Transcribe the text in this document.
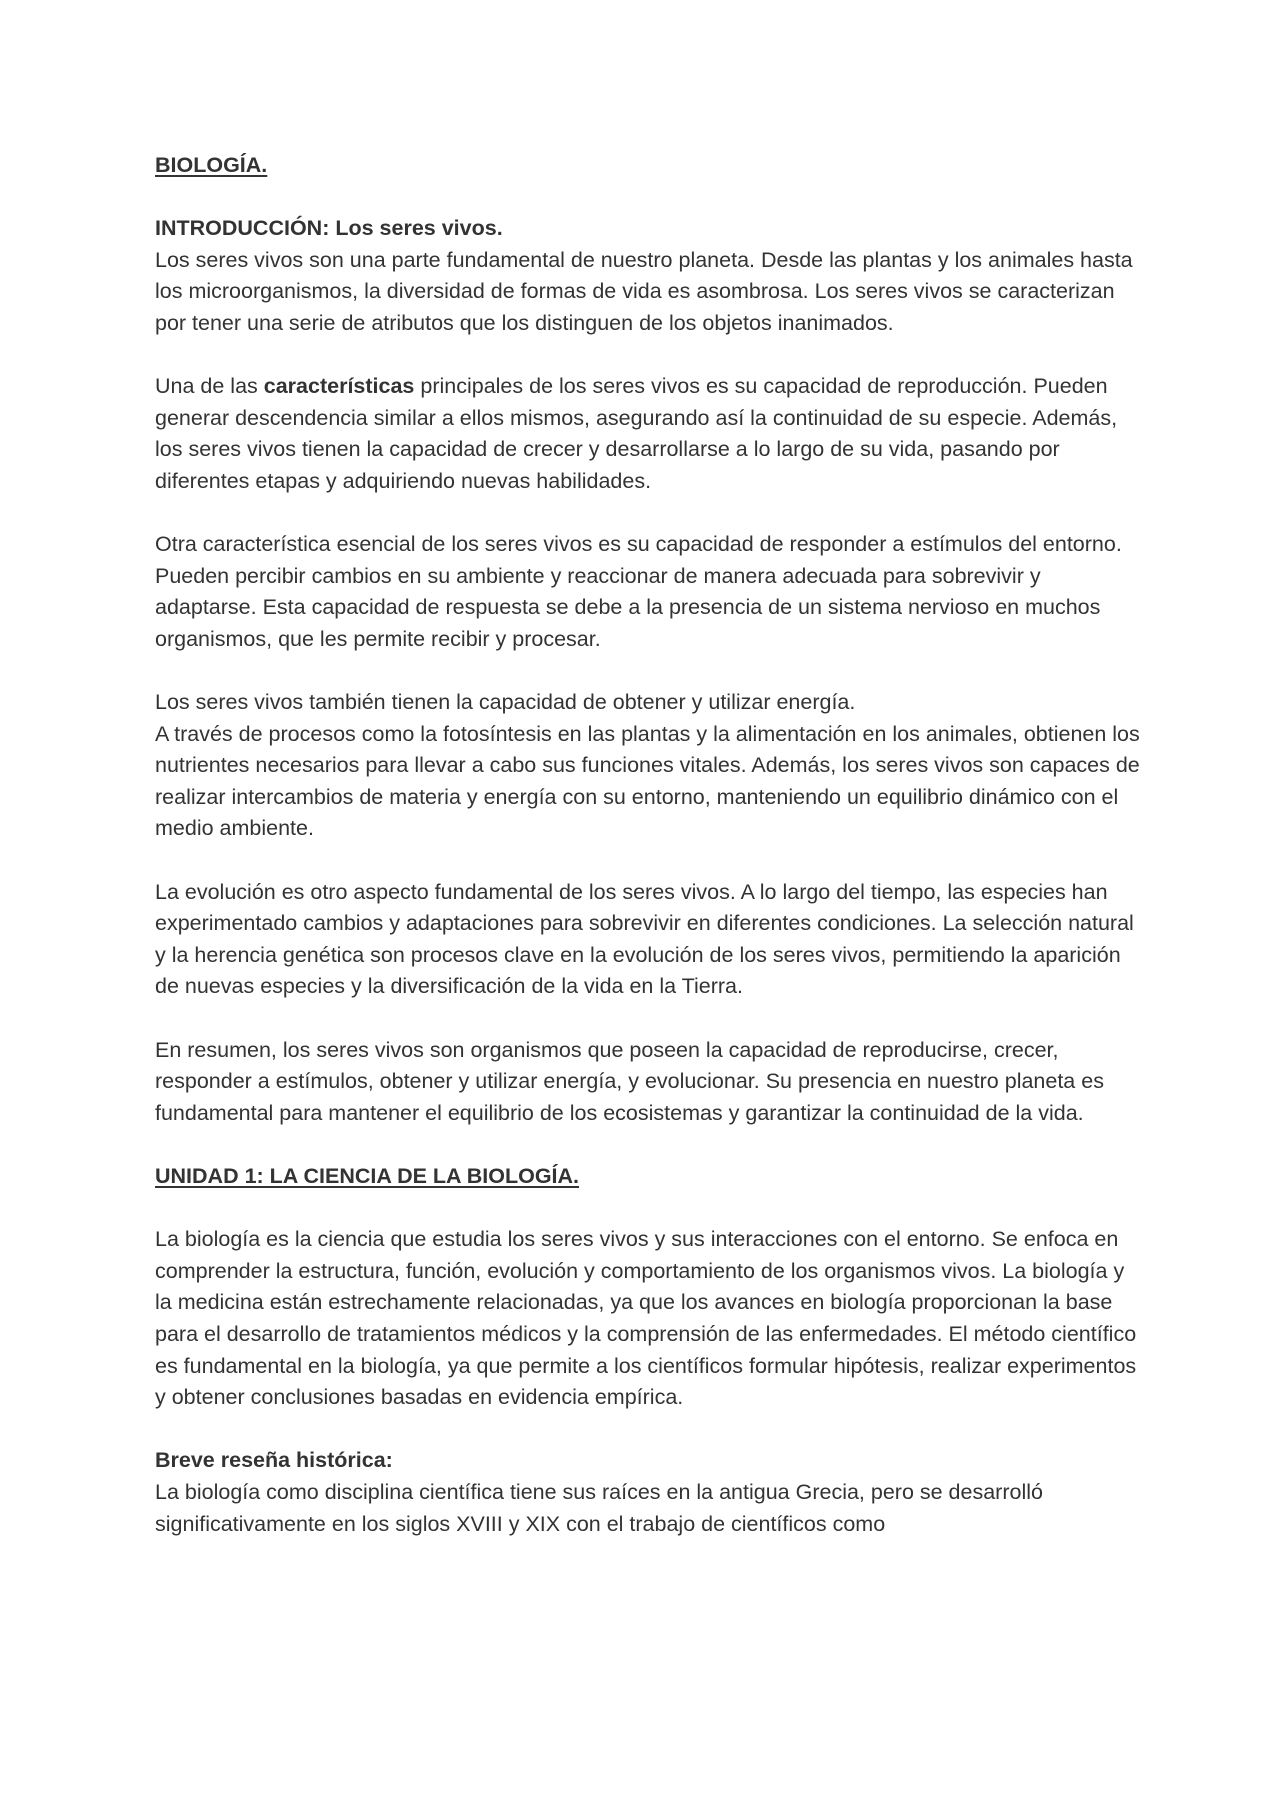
BIOLOGÍA.

INTRODUCCIÓN: Los seres vivos.

Los seres vivos son una parte fundamental de nuestro planeta. Desde las plantas y los animales hasta los microorganismos, la diversidad de formas de vida es asombrosa. Los seres vivos se caracterizan por tener una serie de atributos que los distinguen de los objetos inanimados.

Una de las características principales de los seres vivos es su capacidad de reproducción. Pueden generar descendencia similar a ellos mismos, asegurando así la continuidad de su especie. Además, los seres vivos tienen la capacidad de crecer y desarrollarse a lo largo de su vida, pasando por diferentes etapas y adquiriendo nuevas habilidades.

Otra característica esencial de los seres vivos es su capacidad de responder a estímulos del entorno. Pueden percibir cambios en su ambiente y reaccionar de manera adecuada para sobrevivir y adaptarse. Esta capacidad de respuesta se debe a la presencia de un sistema nervioso en muchos organismos, que les permite recibir y procesar.

Los seres vivos también tienen la capacidad de obtener y utilizar energía.

A través de procesos como la fotosíntesis en las plantas y la alimentación en los animales, obtienen los nutrientes necesarios para llevar a cabo sus funciones vitales. Además, los seres vivos son capaces de realizar intercambios de materia y energía con su entorno, manteniendo un equilibrio dinámico con el medio ambiente.

La evolución es otro aspecto fundamental de los seres vivos. A lo largo del tiempo, las especies han experimentado cambios y adaptaciones para sobrevivir en diferentes condiciones. La selección natural y la herencia genética son procesos clave en la evolución de los seres vivos, permitiendo la aparición de nuevas especies y la diversificación de la vida en la Tierra.

En resumen, los seres vivos son organismos que poseen la capacidad de reproducirse, crecer, responder a estímulos, obtener y utilizar energía, y evolucionar. Su presencia en nuestro planeta es fundamental para mantener el equilibrio de los ecosistemas y garantizar la continuidad de la vida.

UNIDAD 1: LA CIENCIA DE LA BIOLOGÍA.

La biología es la ciencia que estudia los seres vivos y sus interacciones con el entorno. Se enfoca en comprender la estructura, función, evolución y comportamiento de los organismos vivos. La biología y la medicina están estrechamente relacionadas, ya que los avances en biología proporcionan la base para el desarrollo de tratamientos médicos y la comprensión de las enfermedades. El método científico es fundamental en la biología, ya que permite a los científicos formular hipótesis, realizar experimentos y obtener conclusiones basadas en evidencia empírica.

Breve reseña histórica:

La biología como disciplina científica tiene sus raíces en la antigua Grecia, pero se desarrolló significativamente en los siglos XVIII y XIX con el trabajo de científicos como
